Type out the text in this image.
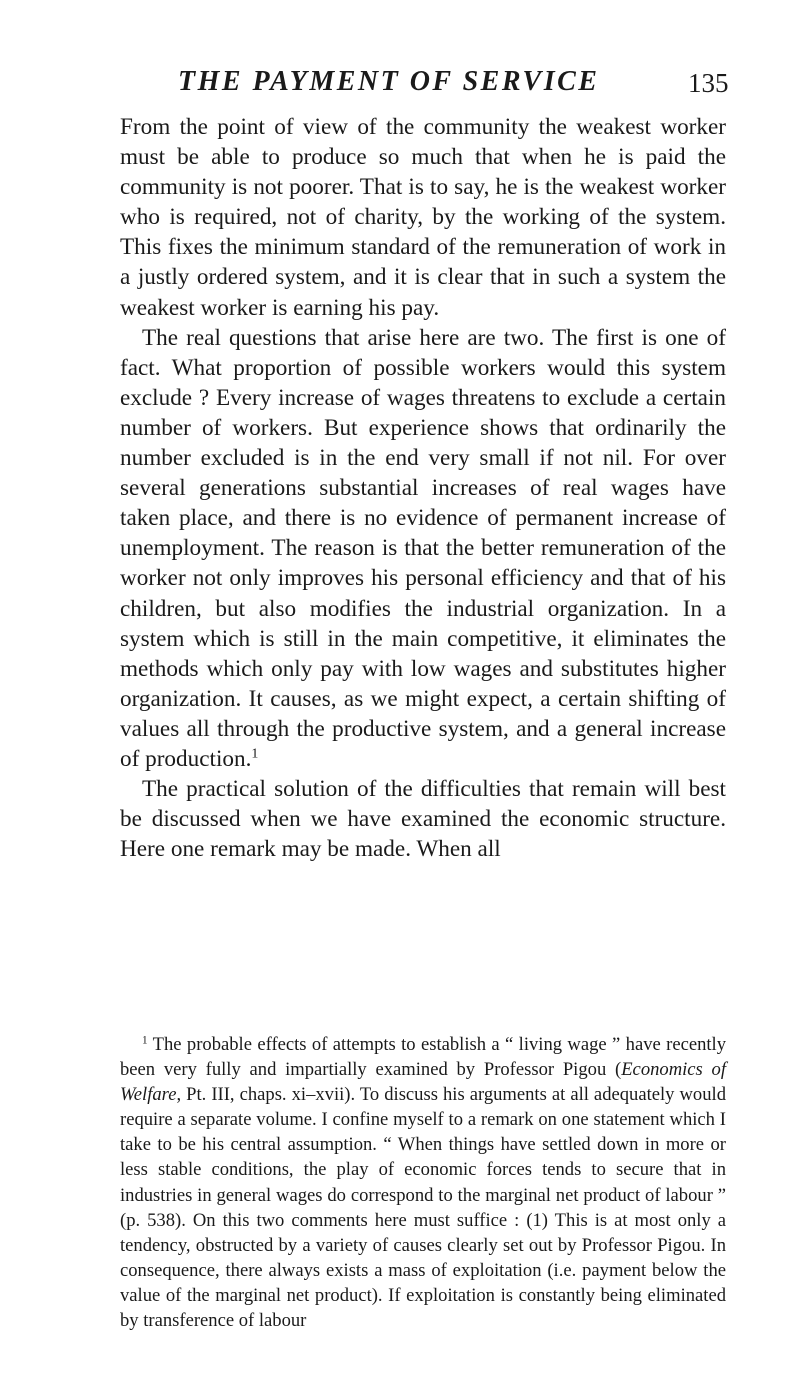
THE PAYMENT OF SERVICE	135

From the point of view of the community the weakest worker must be able to produce so much that when he is paid the community is not poorer. That is to say, he is the weakest worker who is required, not of charity, by the working of the system. This fixes the minimum standard of the remuneration of work in a justly ordered system, and it is clear that in such a system the weakest worker is earning his pay.

The real questions that arise here are two. The first is one of fact. What proportion of possible workers would this system exclude ? Every increase of wages threatens to exclude a certain number of workers. But experience shows that ordinarily the number excluded is in the end very small if not nil. For over several generations substantial increases of real wages have taken place, and there is no evidence of permanent increase of unemployment. The reason is that the better remuneration of the worker not only improves his personal efficiency and that of his children, but also modifies the industrial organization. In a system which is still in the main competitive, it eliminates the methods which only pay with low wages and substitutes higher organization. It causes, as we might expect, a certain shifting of values all through the productive system, and a general increase of production.$^1$

The practical solution of the difficulties that remain will best be discussed when we have examined the economic structure. Here one remark may be made. When all

$^1$ The probable effects of attempts to establish a “ living wage ” have recently been very fully and impartially examined by Professor Pigou (Economics of Welfare, Pt. III, chaps. xi–xvii). To discuss his arguments at all adequately would require a separate volume. I confine myself to a remark on one statement which I take to be his central assumption. “ When things have settled down in more or less stable conditions, the play of economic forces tends to secure that in industries in general wages do correspond to the marginal net product of labour ” (p. 538). On this two comments here must suffice : (1) This is at most only a tendency, obstructed by a variety of causes clearly set out by Professor Pigou. In consequence, there always exists a mass of exploitation (i.e. payment below the value of the marginal net product). If exploitation is constantly being eliminated by transference of labour
